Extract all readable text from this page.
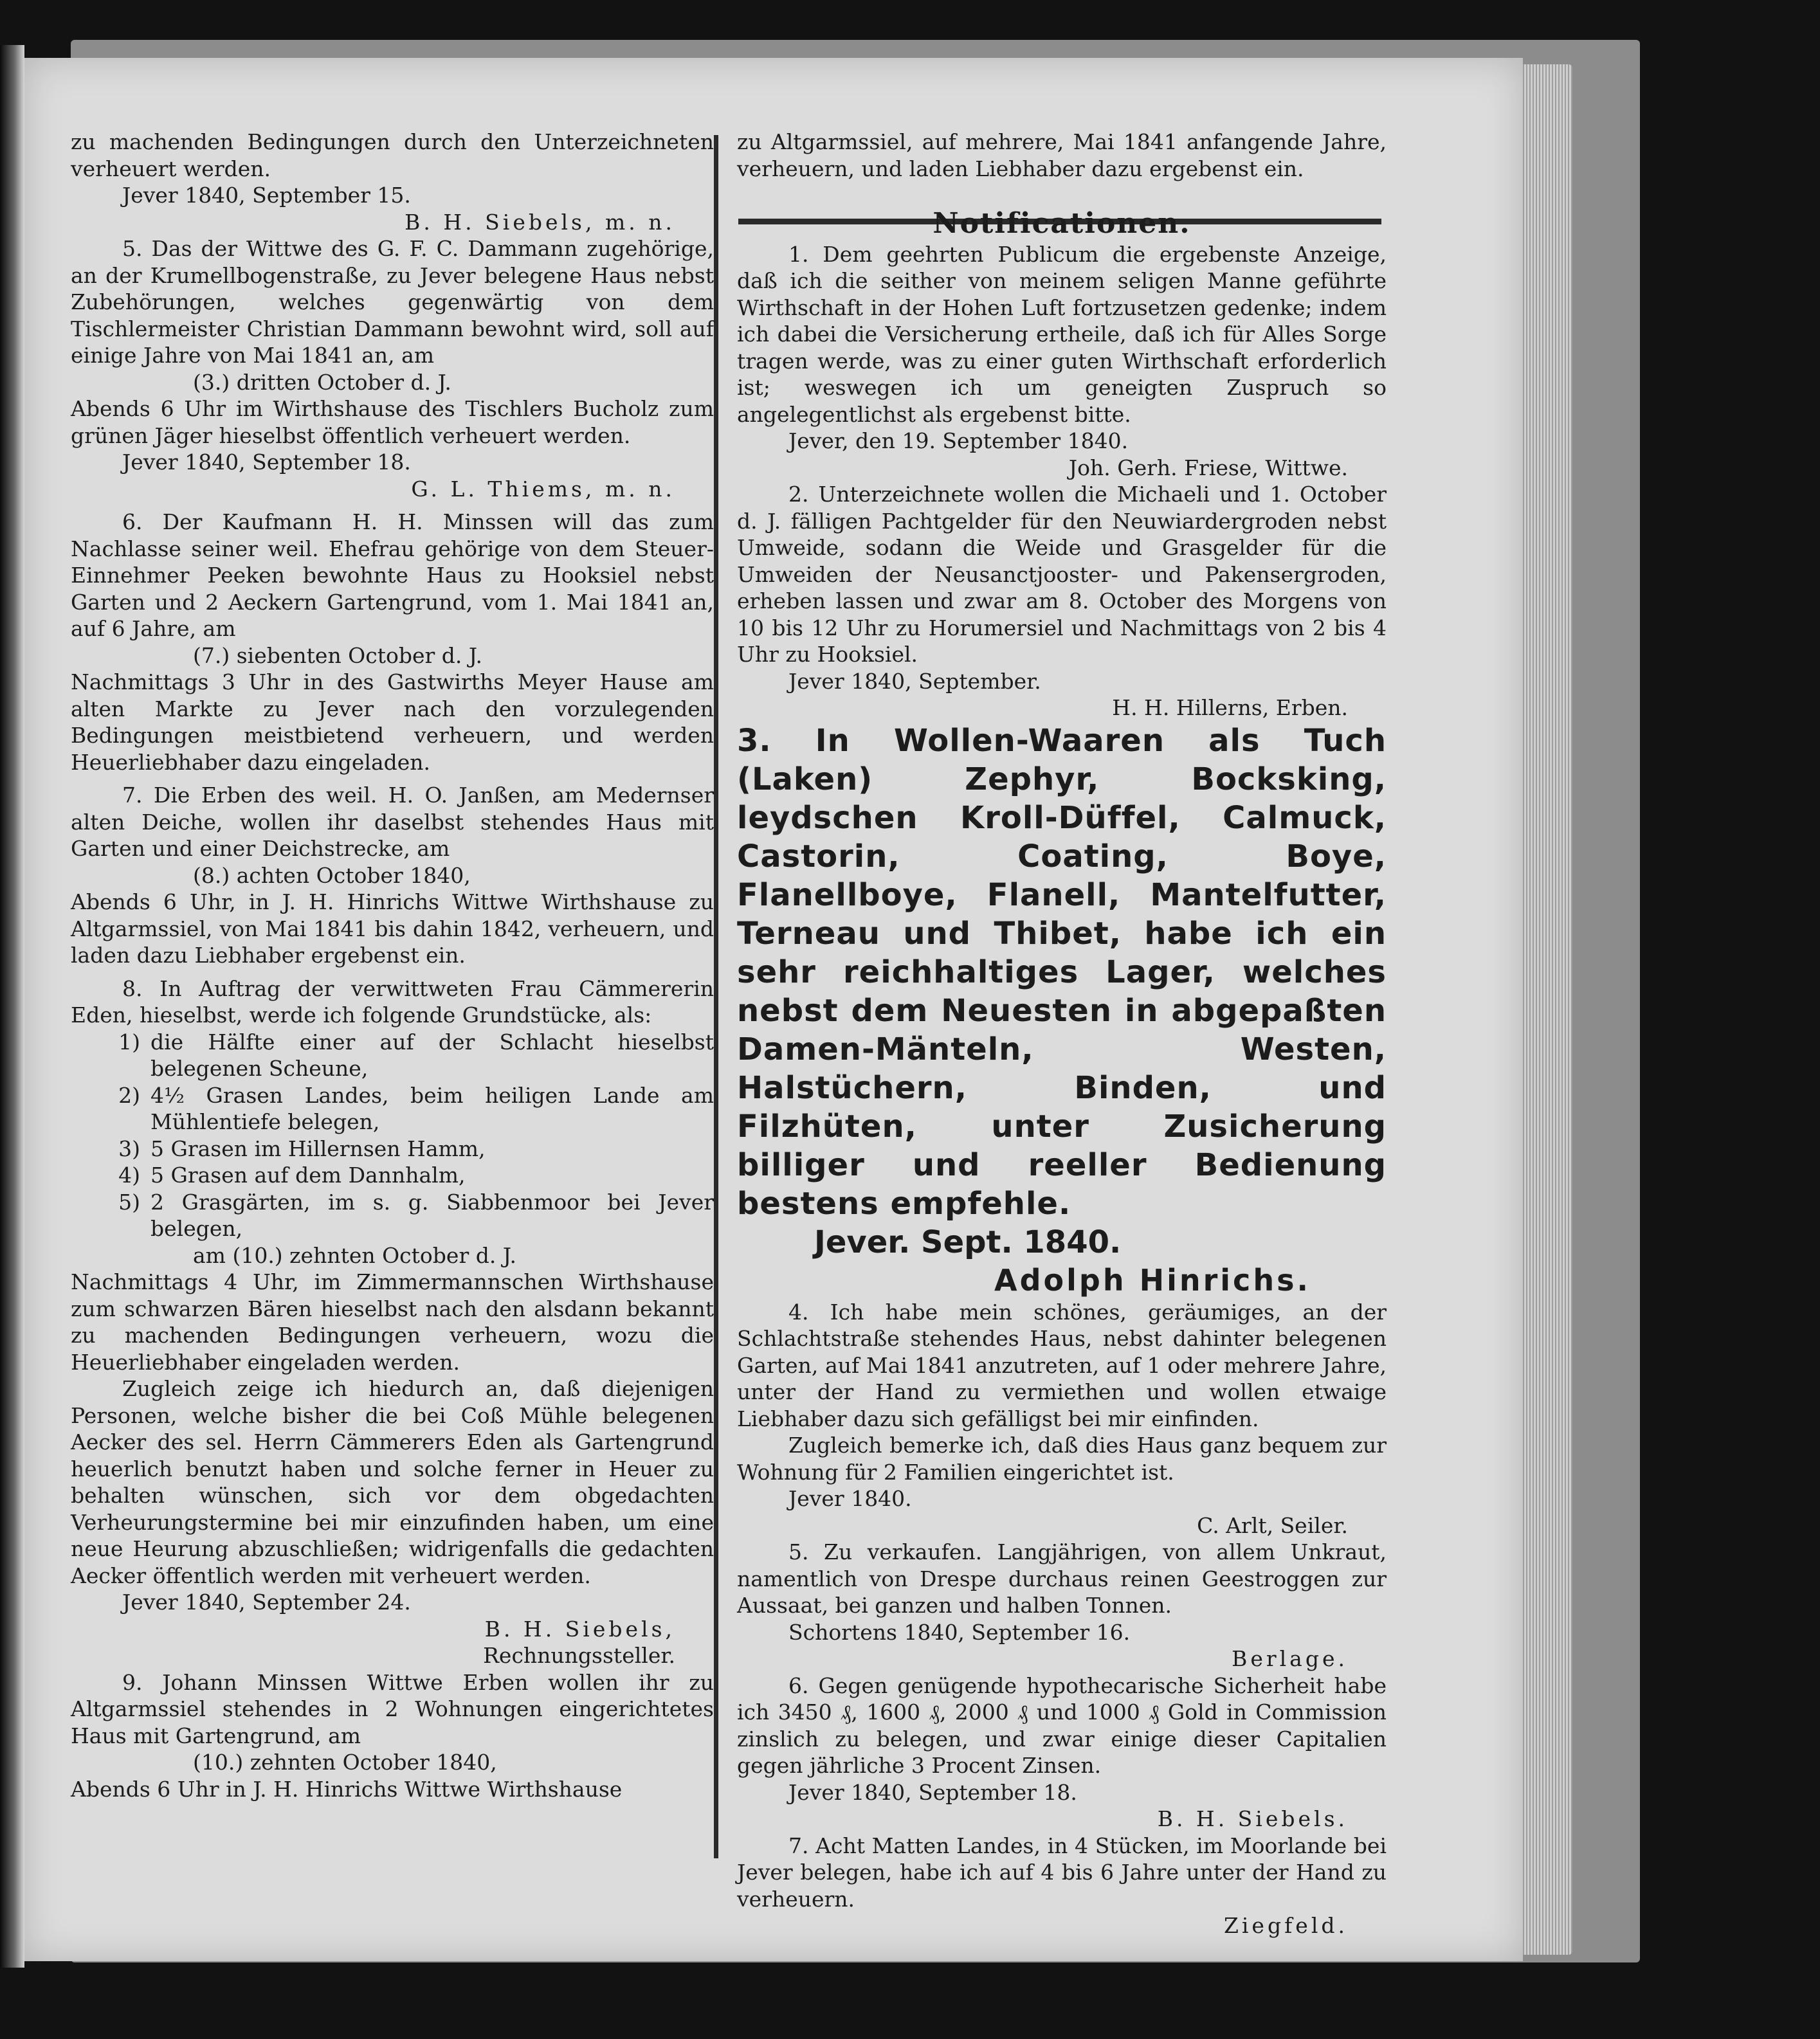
zu machenden Bedingungen durch den Unterzeichneten verheuert werden.

Jever 1840, September 15.

B. H. Siebels, m. n.

5. Das der Wittwe des G. F. C. Dammann zugehörige, an der Krumellbogenstraße, zu Jever belegene Haus nebst Zubehörungen, welches gegenwärtig von dem Tischlermeister Christian Dammann bewohnt wird, soll auf einige Jahre von Mai 1841 an, am

(3.) dritten October d. J.

Abends 6 Uhr im Wirthshause des Tischlers Bucholz zum grünen Jäger hieselbst öffentlich verheuert werden.

Jever 1840, September 18.

G. L. Thiems, m. n.

6. Der Kaufmann H. H. Minssen will das zum Nachlasse seiner weil. Ehefrau gehörige von dem Steuer-Einnehmer Peeken bewohnte Haus zu Hooksiel nebst Garten und 2 Aeckern Gartengrund, vom 1. Mai 1841 an, auf 6 Jahre, am

(7.) siebenten October d. J.

Nachmittags 3 Uhr in des Gastwirths Meyer Hause am alten Markte zu Jever nach den vorzulegenden Bedingungen meistbietend verheuern, und werden Heuerliebhaber dazu eingeladen.

7. Die Erben des weil. H. O. Janßen, am Medernser alten Deiche, wollen ihr daselbst stehendes Haus mit Garten und einer Deichstrecke, am

(8.) achten October 1840,

Abends 6 Uhr, in J. H. Hinrichs Wittwe Wirthshause zu Altgarmssiel, von Mai 1841 bis dahin 1842, verheuern, und laden dazu Liebhaber ergebenst ein.

8. In Auftrag der verwittweten Frau Cämmererin Eden, hieselbst, werde ich folgende Grundstücke, als:

1) die Hälfte einer auf der Schlacht hieselbst belegenen Scheune,
2) 4½ Grasen Landes, beim heiligen Lande am Mühlentiefe belegen,
3) 5 Grasen im Hillernsen Hamm,
4) 5 Grasen auf dem Dannhalm,
5) 2 Grasgärten, im s. g. Siabbenmoor bei Jever belegen,

am (10.) zehnten October d. J.

Nachmittags 4 Uhr, im Zimmermannschen Wirthshause zum schwarzen Bären hieselbst nach den alsdann bekannt zu machenden Bedingungen verheuern, wozu die Heuerliebhaber eingeladen werden.

Zugleich zeige ich hiedurch an, daß diejenigen Personen, welche bisher die bei Coß Mühle belegenen Aecker des sel. Herrn Cämmerers Eden als Gartengrund heuerlich benutzt haben und solche ferner in Heuer zu behalten wünschen, sich vor dem obgedachten Verheurungstermine bei mir einzufinden haben, um eine neue Heurung abzuschließen; widrigenfalls die gedachten Aecker öffentlich werden mit verheuert werden.

Jever 1840, September 24.

B. H. Siebels,

Rechnungssteller.

9. Johann Minssen Wittwe Erben wollen ihr zu Altgarmssiel stehendes in 2 Wohnungen eingerichtetes Haus mit Gartengrund, am

(10.) zehnten October 1840,

Abends 6 Uhr in J. H. Hinrichs Wittwe Wirthshause

zu Altgarmssiel, auf mehrere, Mai 1841 anfangende Jahre, verheuern, und laden Liebhaber dazu ergebenst ein.

Notificationen.

1. Dem geehrten Publicum die ergebenste Anzeige, daß ich die seither von meinem seligen Manne geführte Wirthschaft in der Hohen Luft fortzusetzen gedenke; indem ich dabei die Versicherung ertheile, daß ich für Alles Sorge tragen werde, was zu einer guten Wirthschaft erforderlich ist; weswegen ich um geneigten Zuspruch so angelegentlichst als ergebenst bitte.

Jever, den 19. September 1840.

Joh. Gerh. Friese, Wittwe.

2. Unterzeichnete wollen die Michaeli und 1. October d. J. fälligen Pachtgelder für den Neuwiardergroden nebst Umweide, sodann die Weide und Grasgelder für die Umweiden der Neusanctjooster- und Pakensergroden, erheben lassen und zwar am 8. October des Morgens von 10 bis 12 Uhr zu Horumersiel und Nachmittags von 2 bis 4 Uhr zu Hooksiel.

Jever 1840, September.

H. H. Hillerns, Erben.

3. In Wollen-Waaren als Tuch (Laken) Zephyr, Bocksking, leydschen Kroll-Düffel, Calmuck, Castorin, Coating, Boye, Flanellboye, Flanell, Mantelfutter, Terneau und Thibet, habe ich ein sehr reichhaltiges Lager, welches nebst dem Neuesten in abgepaßten Damen-Mänteln, Westen, Halstüchern, Binden, und Filzhüten, unter Zusicherung billiger und reeller Bedienung bestens empfehle.

Jever. Sept. 1840.

Adolph Hinrichs.

4. Ich habe mein schönes, geräumiges, an der Schlachtstraße stehendes Haus, nebst dahinter belegenen Garten, auf Mai 1841 anzutreten, auf 1 oder mehrere Jahre, unter der Hand zu vermiethen und wollen etwaige Liebhaber dazu sich gefälligst bei mir einfinden.

Zugleich bemerke ich, daß dies Haus ganz bequem zur Wohnung für 2 Familien eingerichtet ist.

Jever 1840.

C. Arlt, Seiler.

5. Zu verkaufen. Langjährigen, von allem Unkraut, namentlich von Drespe durchaus reinen Geestroggen zur Aussaat, bei ganzen und halben Tonnen.

Schortens 1840, September 16.

Berlage.

6. Gegen genügende hypothecarische Sicherheit habe ich 3450 ₰, 1600 ₰, 2000 ₰ und 1000 ₰ Gold in Commission zinslich zu belegen, und zwar einige dieser Capitalien gegen jährliche 3 Procent Zinsen.

Jever 1840, September 18.

B. H. Siebels.

7. Acht Matten Landes, in 4 Stücken, im Moorlande bei Jever belegen, habe ich auf 4 bis 6 Jahre unter der Hand zu verheuern.

Ziegfeld.
